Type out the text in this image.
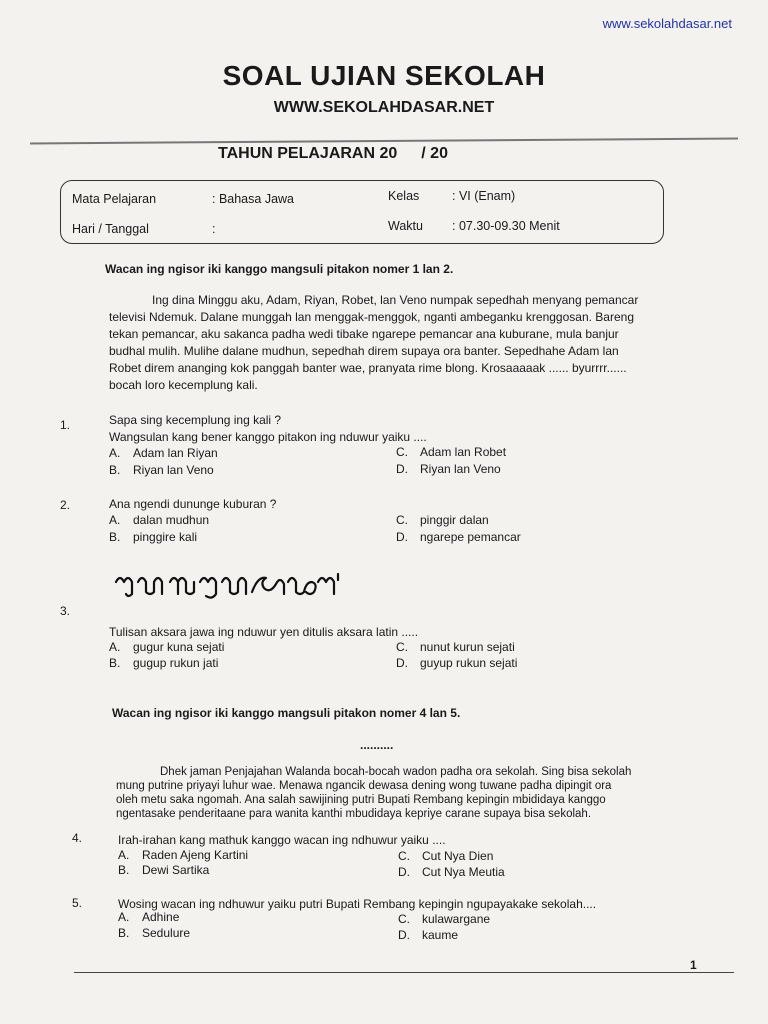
www.sekolahdasar.net
SOAL UJIAN SEKOLAH
WWW.SEKOLAHDASAR.NET
TAHUN PELAJARAN 20 / 20
Mata Pelajaran	: Bahasa Jawa
Hari / Tanggal	:
Kelas	: VI (Enam)
Waktu : 07.30-09.30 Menit
Wacan ing ngisor iki kanggo mangsuli pitakon nomer 1 lan 2.
Ing dina Minggu aku, Adam, Riyan, Robet, lan Veno numpak sepedhah menyang pemancar
televisi Ndemuk. Dalane munggah lan menggak-menggok, nganti ambeganku krenggosan. Bareng
tekan pemancar, aku sakanca padha wedi tibake ngarepe pemancar ana kuburane, mula banjur
budhal mulih. Mulihe dalane mudhun, sepedhah direm supaya ora banter. Sepedhahe Adam lan
Robet direm ananging kok panggah banter wae, pranyata rime blong. Krosaaaaak ...... byurrrr......
bocah loro kecemplung kali.
1.	Sapa sing kecemplung ing kali ?
Wangsulan kang bener kanggo pitakon ing nduwur yaiku ....
A. Adam lan Riyan
B. Riyan lan Veno
C. Adam lan Robet
D. Riyan lan Veno
2.	Ana ngendi dununge kuburan ?
A. dalan mudhun
B. pinggire kali
C. pinggir dalan
D. ngarepe pemancar
3.
Tulisan aksara jawa ing nduwur yen ditulis aksara latin .....
A. gugur kuna sejati
B. gugup rukun jati
C. nunut kurun sejati
D. guyup rukun sejati
Wacan ing ngisor iki kanggo mangsuli pitakon nomer 4 lan 5.
..........
Dhek jaman Penjajahan Walanda bocah-bocah wadon padha ora sekolah. Sing bisa sekolah
mung putrine priyayi luhur wae. Menawa ngancik dewasa dening wong tuwane padha dipingit ora
oleh metu saka ngomah. Ana salah sawijining putri Bupati Rembang kepingin mbididaya kanggo
ngentasake penderitaane para wanita kanthi mbudidaya kepriye carane supaya bisa sekolah.
4.	Irah-irahan kang mathuk kanggo wacan ing ndhuwur yaiku ....
A. Raden Ajeng Kartini
B. Dewi Sartika
C. Cut Nya Dien
D. Cut Nya Meutia
5.	Wosing wacan ing ndhuwur yaiku putri Bupati Rembang kepingin ngupayakake sekolah....
A. Adhine
B. Sedulure
C. kulawargane
D. kaume
1
